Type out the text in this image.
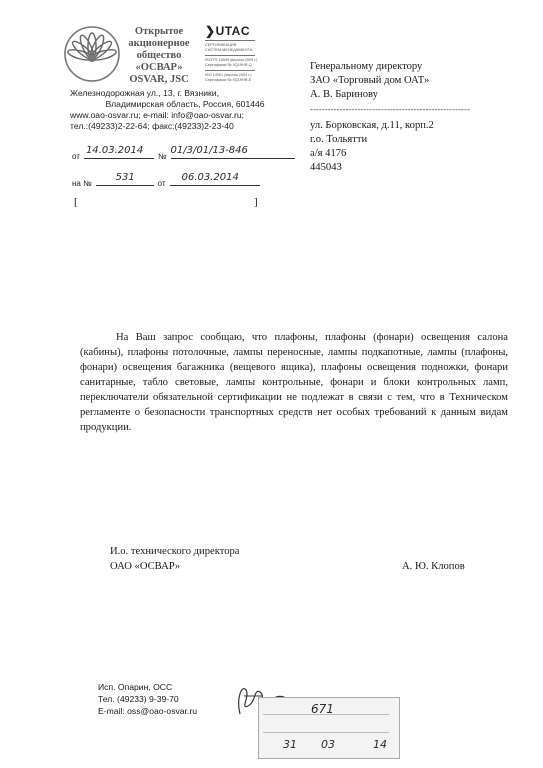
Открытое
акционерное
общество
«ОСВАР»
OSVAR, JSC
❯UTAC
СЕРТИФИКАЦИЯ
СИСТЕМ МЕНЕДЖМЕНТА
ISO/TS 16949 (версия 2009 г.)
Сертификат № 9Q19HR-Q
ISO 14001 (версия 2004 г.)
Сертификат № 9Q19HR-E
Железнодорожная ул., 13, г. Вязники,
Владимирская область, Россия, 601446
www.oao-osvar.ru; e-mail: info@oao-osvar.ru;
тел.:(49233)2-22-64; факс:(49233)2-23-40
от
14.03.2014
№
01/3/01/13-846
на №
531
от
06.03.2014
[	]
Генеральному директору
ЗАО «Торговый дом ОАТ»
А. В. Баринову
------------------------------------------------------
ул. Борковская, д.11, корп.2
г.о. Тольятти
а/я 4176
445043

На Ваш запрос сообщаю, что плафоны, плафоны (фонари) освещения салона (кабины), плафоны потолочные, лампы переносные, лампы подкапотные, лампы (плафоны, фонари) освещения багажника (вещевого ящика), плафоны освещения подножки, фонари санитарные, табло световые, лампы контрольные, фонари и блоки контрольных ламп, переключатели обязательной сертификации не подлежат в связи с тем, что в Техническом регламенте о безопасности транспортных средств нет особых требований к данным видам продукции.

И.о. технического директора
ОАО «ОСВАР»	А. Ю. Клопов
Исп. Опарин, ОСС
Тел. (49233) 9-39-70
E-mail: oss@oao-osvar.ru	671
31 03	14
